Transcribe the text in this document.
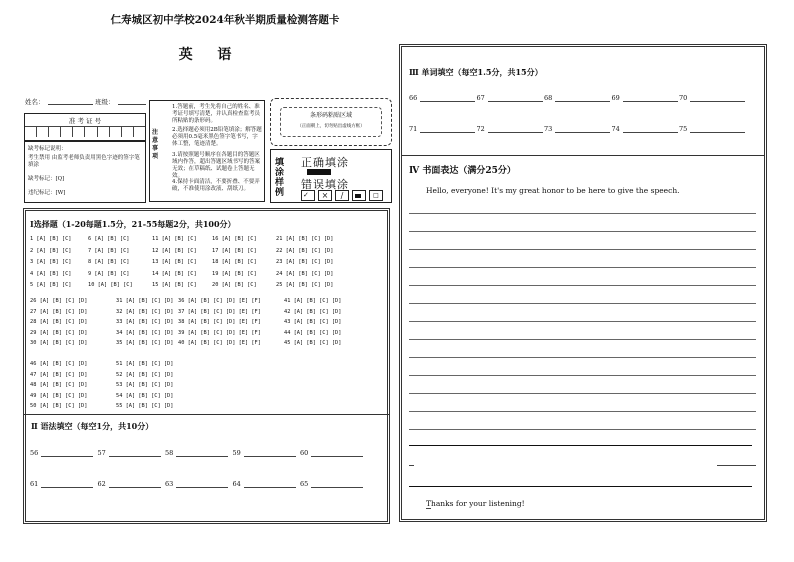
仁寿城区初中学校2024年秋半期质量检测答题卡
英 语
姓名：	班级：
准 考 证 号
缺考标记说明：
考生禁用 由监考老师负责用黑色字迹的签字笔填涂
缺考标记：[Q]
违纪标记：[W]
注意事项
1.答题前，考生先将自己的姓名、准考证号填写清楚，并认真检查监考员所粘贴的条形码。
2.选择题必须用2B铅笔填涂；解答题必须用0.5毫米黑色签字笔书写，字体工整，笔迹清楚。
3.请按照题号顺序在各题目的答题区域内作答，超出答题区域书写的答案无效；在草稿纸、试题卷上答题无效。
4.保持卡面清洁，不要折叠、不要弄破，不准使用涂改液、刮纸刀。
条形码粘贴区域
（正面朝上，切勿贴出虚线方框）
填涂样例
正确填涂
错误填涂
✓	×	/	□
Ⅰ选择题（1-20每题1.5分，21-55每题2分，共100分）
1 [A] [B] [C]	6 [A] [B] [C]	11 [A] [B] [C]	16 [A] [B] [C]	21 [A] [B] [C] [D]
2 [A] [B] [C]	7 [A] [B] [C]	12 [A] [B] [C]	17 [A] [B] [C]	22 [A] [B] [C] [D]
3 [A] [B] [C]	8 [A] [B] [C]	13 [A] [B] [C]	18 [A] [B] [C]	23 [A] [B] [C] [D]
4 [A] [B] [C]	9 [A] [B] [C]	14 [A] [B] [C]	19 [A] [B] [C]	24 [A] [B] [C] [D]
5 [A] [B] [C]	10 [A] [B] [C]	15 [A] [B] [C]	20 [A] [B] [C]	25 [A] [B] [C] [D]
26 [A] [B] [C] [D]	31 [A] [B] [C] [D] 36 [A] [B] [C] [D] [E] [F]	41 [A] [B] [C] [D]
27 [A] [B] [C] [D]	32 [A] [B] [C] [D] 37 [A] [B] [C] [D] [E] [F]	42 [A] [B] [C] [D]
28 [A] [B] [C] [D]	33 [A] [B] [C] [D] 38 [A] [B] [C] [D] [E] [F]	43 [A] [B] [C] [D]
29 [A] [B] [C] [D]	34 [A] [B] [C] [D] 39 [A] [B] [C] [D] [E] [F]	44 [A] [B] [C] [D]
30 [A] [B] [C] [D]	35 [A] [B] [C] [D] 40 [A] [B] [C] [D] [E] [F]	45 [A] [B] [C] [D]
46 [A] [B] [C] [D]	51 [A] [B] [C] [D]
47 [A] [B] [C] [D]	52 [A] [B] [C] [D]
48 [A] [B] [C] [D]	53 [A] [B] [C] [D]
49 [A] [B] [C] [D]	54 [A] [B] [C] [D]
50 [A] [B] [C] [D]	55 [A] [B] [C] [D]
Ⅱ 语法填空（每空1分，共10分）
56	57	58	59	60
61	62	63	64	65
Ⅲ 单词填空（每空1.5分，共15分）
66	67	68	69	70
71	72	73	74	75
Ⅳ 书面表达（满分25分）
Hello, everyone! It's my great honor to be here to give the speech.
Thanks for your listening!
